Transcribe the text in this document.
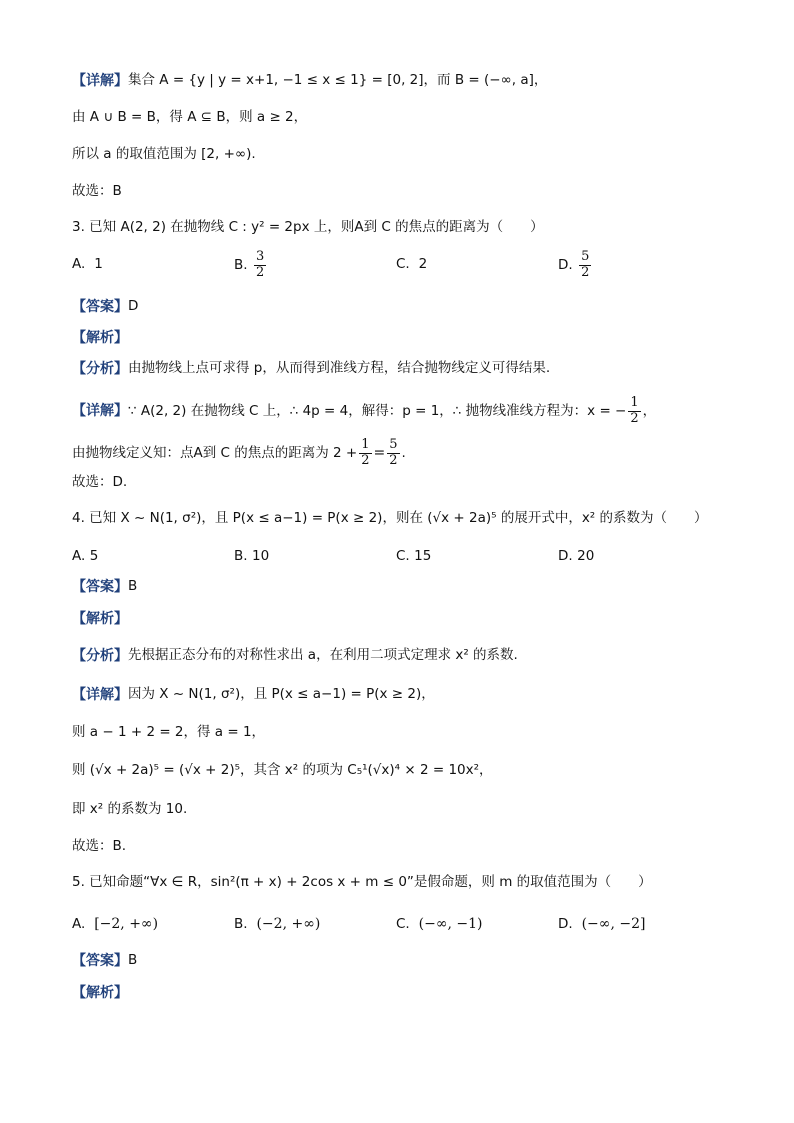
【详解】 集合 A = {y | y = x+1, −1 ≤ x ≤ 1} = [0, 2]，而 B = (−∞, a]，
由 A ∪ B = B，得 A ⊆ B，则 a ≥ 2，
所以 a 的取值范围为 [2, +∞).
故选：B
3. 已知 A(2, 2) 在抛物线 C : y² = 2px 上，则A到 C 的焦点的距离为（　　）
A.
1	B.
$\frac{3}{2}$	C.
2	D.
$\frac{5}{2}$
【答案】 D
【解析】
【分析】 由抛物线上点可求得 p，从而得到准线方程，结合抛物线定义可得结果.
【详解】 ∵ A(2, 2) 在抛物线 C 上，∴ 4p = 4，解得：p = 1，∴ 抛物线准线方程为：x = − $\frac{1}{2}$ ，
由抛物线定义知：点A到 C 的焦点的距离为 $2 + \frac{1}{2} = \frac{5}{2}$ .
故选：D.
4. 已知 X ~ N(1, σ²)，且 P(x ≤ a−1) = P(x ≥ 2)，则在 (√x + 2a)⁵ 的展开式中，x² 的系数为（　　）
A.
5	B.
10	C.
15	D.
20
【答案】 B
【解析】
【分析】 先根据正态分布的对称性求出 a，在利用二项式定理求 x² 的系数.
【详解】 因为 X ~ N(1, σ²)，且 P(x ≤ a−1) = P(x ≥ 2)，
则 a − 1 + 2 = 2，得 a = 1，
则 (√x + 2a)⁵ = (√x + 2)⁵，其含 x² 的项为 C₅¹(√x)⁴ × 2 = 10x²，
即 x² 的系数为 10.
故选：B.
5. 已知命题“∀x ∈ R，sin²(π + x) + 2cos x + m ≤ 0”是假命题，则 m 的取值范围为（　　）
A.
[−2, +∞)	B.
(−2, +∞)	C.
(−∞, −1)	D.
(−∞, −2]
【答案】 B
【解析】
